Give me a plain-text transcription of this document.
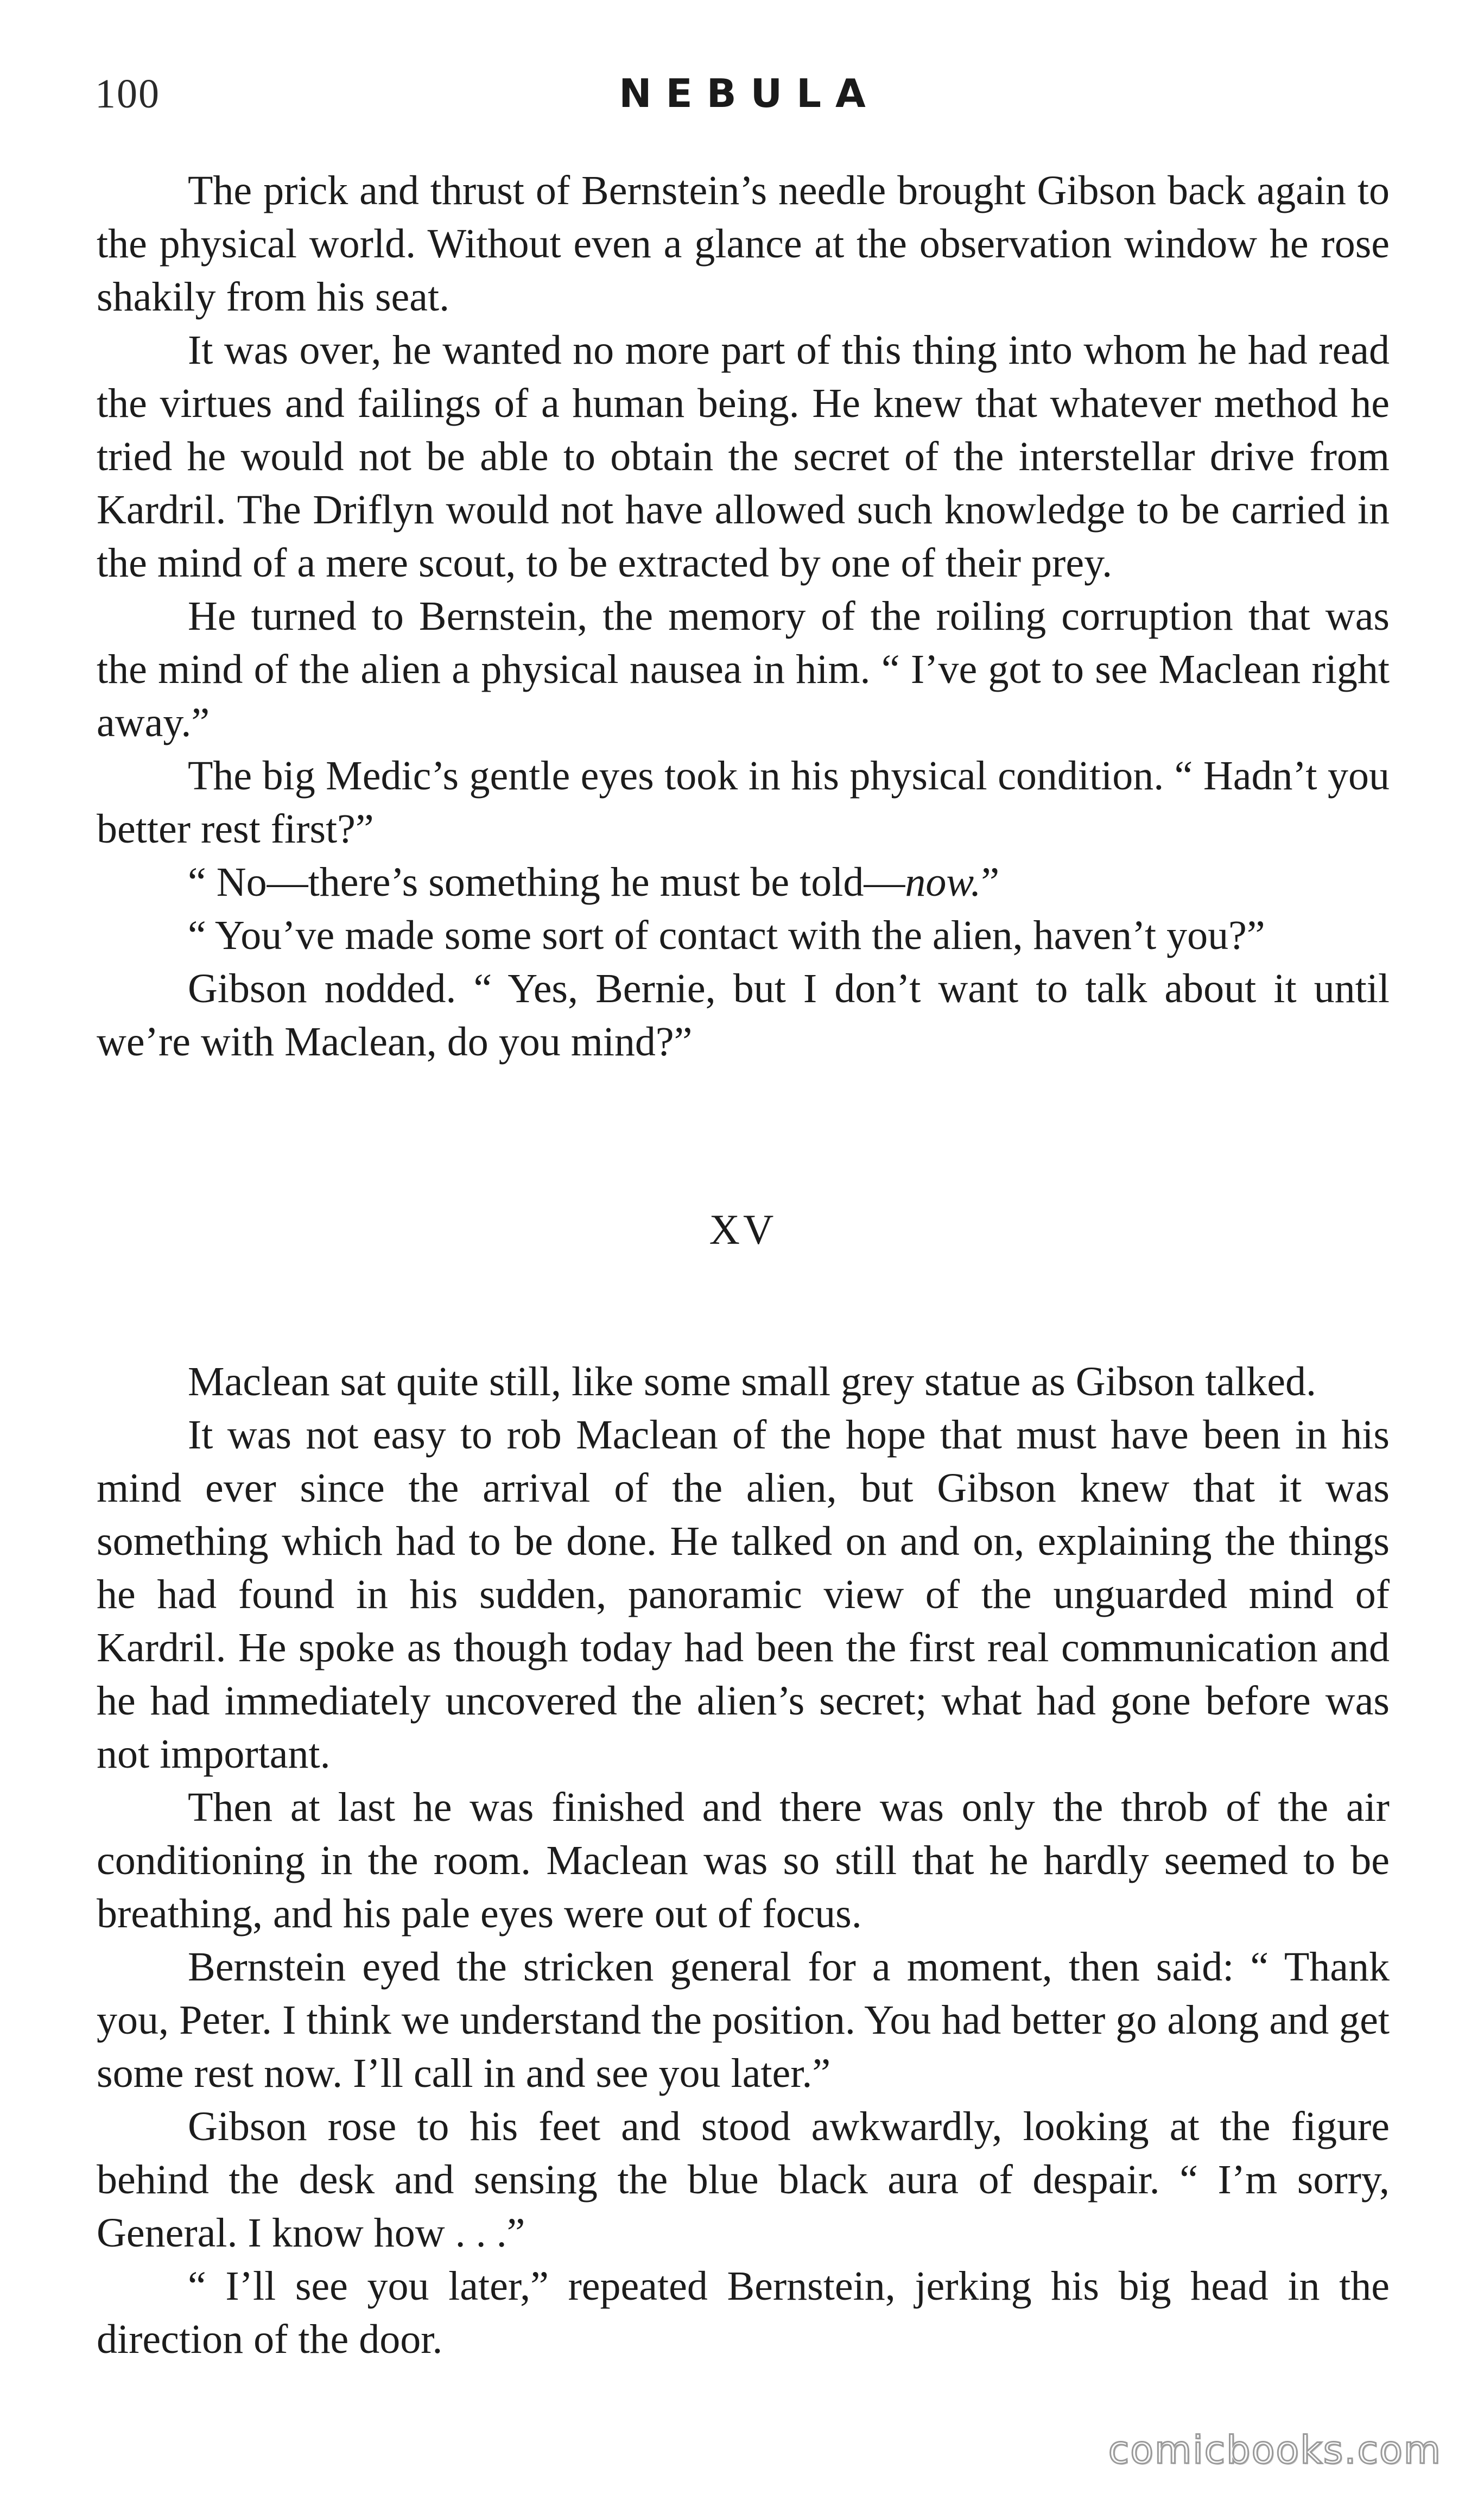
100	NEBULA

The prick and thrust of Bernstein’s needle brought Gibson back again to the physical world. Without even a glance at the observation window he rose shakily from his seat.

It was over, he wanted no more part of this thing into whom he had read the virtues and failings of a human being. He knew that whatever method he tried he would not be able to obtain the secret of the interstellar drive from Kardril. The Driflyn would not have allowed such knowledge to be carried in the mind of a mere scout, to be extracted by one of their prey.

He turned to Bernstein, the memory of the roiling corruption that was the mind of the alien a physical nausea in him. “ I’ve got to see Maclean right away.”

The big Medic’s gentle eyes took in his physical condition. “ Hadn’t you better rest first?”

“ No—there’s something he must be told—now.”

“ You’ve made some sort of contact with the alien, haven’t you?”

Gibson nodded. “ Yes, Bernie, but I don’t want to talk about it until we’re with Maclean, do you mind?”

XV

Maclean sat quite still, like some small grey statue as Gibson talked.

It was not easy to rob Maclean of the hope that must have been in his mind ever since the arrival of the alien, but Gibson knew that it was something which had to be done. He talked on and on, explaining the things he had found in his sudden, panoramic view of the unguarded mind of Kardril. He spoke as though today had been the first real communication and he had immediately uncovered the alien’s secret; what had gone before was not important.

Then at last he was finished and there was only the throb of the air conditioning in the room. Maclean was so still that he hardly seemed to be breathing, and his pale eyes were out of focus.

Bernstein eyed the stricken general for a moment, then said: “ Thank you, Peter. I think we understand the position. You had better go along and get some rest now. I’ll call in and see you later.”

Gibson rose to his feet and stood awkwardly, looking at the figure behind the desk and sensing the blue black aura of despair. “ I’m sorry, General. I know how . . .”

“ I’ll see you later,” repeated Bernstein, jerking his big head in the direction of the door.

comicbooks.com
